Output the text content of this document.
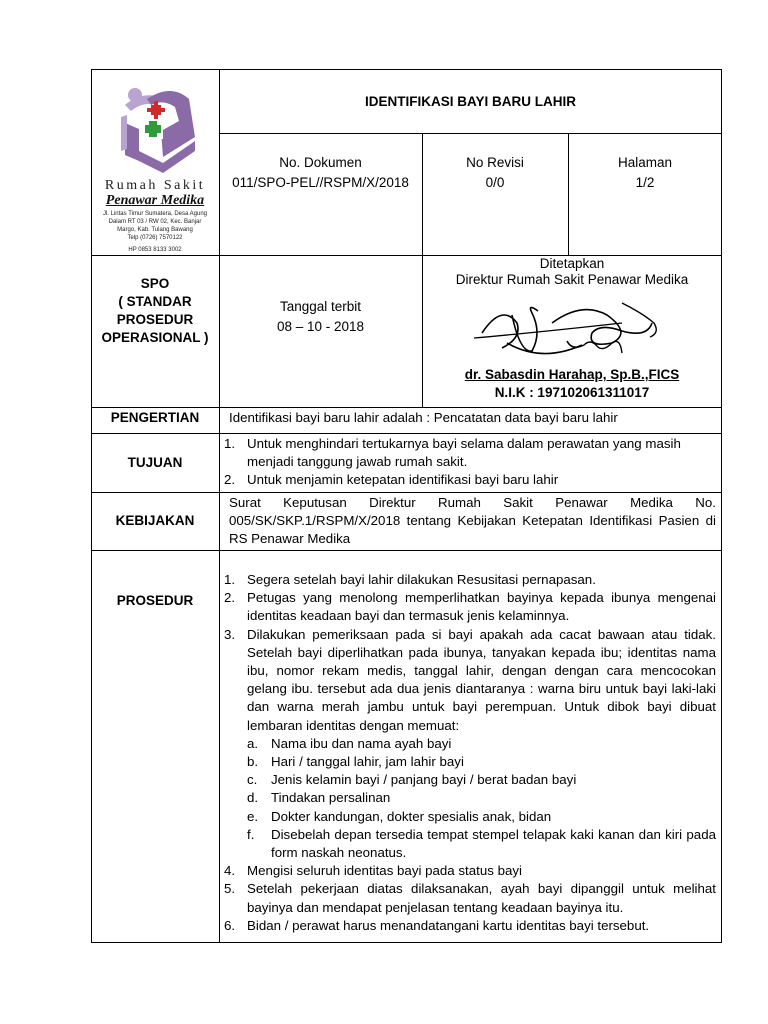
Rumah Sakit
Penawar Medika
Jl. Lintas Timur Sumatera, Desa Agung
Dalam RT 03 / RW 02, Kec. Banjar
Margo, Kab. Tulang Bawang
Telp (0726) 7570122
HP 0853 8133 3002
IDENTIFIKASI BAYI BARU LAHIR
No. Dokumen
011/SPO-PEL//RSPM/X/2018
No Revisi
0/0
Halaman
1/2
SPO
( STANDAR
PROSEDUR
OPERASIONAL )
Tanggal terbit
08 – 10 - 2018
Ditetapkan
Direktur Rumah Sakit Penawar Medika
dr. Sabasdin Harahap, Sp.B.,FICS
N.I.K : 197102061311017
PENGERTIAN	Identifikasi bayi baru lahir adalah : Pencatatan data bayi baru lahir
TUJUAN
1. Untuk menghindari tertukarnya bayi selama dalam perawatan yang masih menjadi tanggung jawab rumah sakit.
2. Untuk menjamin ketepatan identifikasi bayi baru lahir
KEBIJAKAN
Surat Keputusan Direktur Rumah Sakit Penawar Medika No. 005/SK/SKP.1/RSPM/X/2018 tentang Kebijakan Ketepatan Identifikasi Pasien di RS Penawar Medika
PROSEDUR
1. Segera setelah bayi lahir dilakukan Resusitasi pernapasan.
2. Petugas yang menolong memperlihatkan bayinya kepada ibunya mengenai identitas keadaan bayi dan termasuk jenis kelaminnya.
3. Dilakukan pemeriksaan pada si bayi apakah ada cacat bawaan atau tidak. Setelah bayi diperlihatkan pada ibunya, tanyakan kepada ibu; identitas nama ibu, nomor rekam medis, tanggal lahir, dengan dengan cara mencocokan gelang ibu. tersebut ada dua jenis diantaranya : warna biru untuk bayi laki-laki dan warna merah jambu untuk bayi perempuan. Untuk dibok bayi dibuat lembaran identitas dengan memuat:
a. Nama ibu dan nama ayah bayi
b. Hari / tanggal lahir, jam lahir bayi
c. Jenis kelamin bayi / panjang bayi / berat badan bayi
d. Tindakan persalinan
e. Dokter kandungan, dokter spesialis anak, bidan
f. Disebelah depan tersedia tempat stempel telapak kaki kanan dan kiri pada form naskah neonatus.
4. Mengisi seluruh identitas bayi pada status bayi
5. Setelah pekerjaan diatas dilaksanakan, ayah bayi dipanggil untuk melihat bayinya dan mendapat penjelasan tentang keadaan bayinya itu.
6. Bidan / perawat harus menandatangani kartu identitas bayi tersebut.
